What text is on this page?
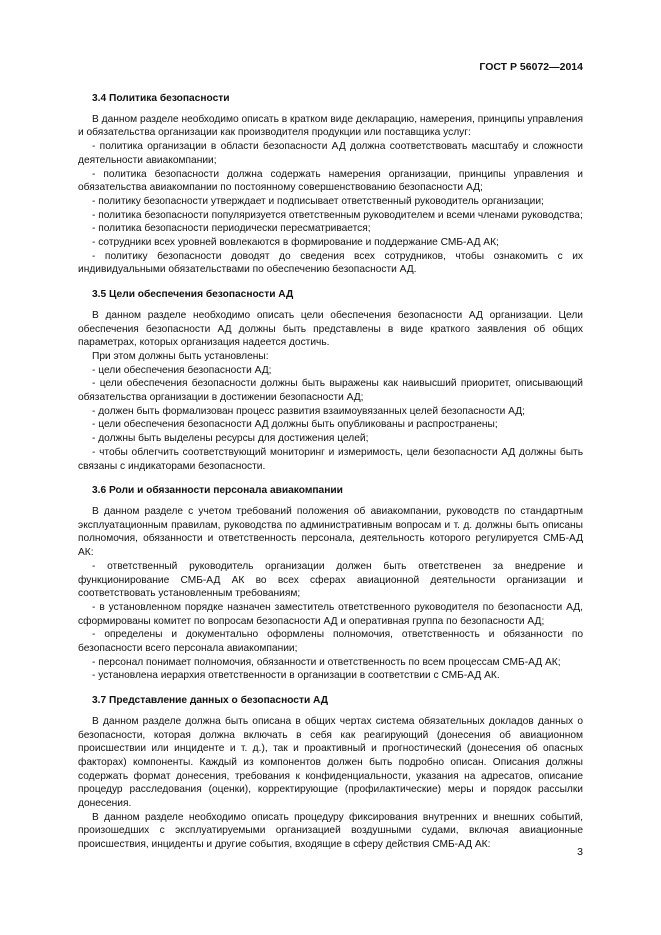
ГОСТ Р 56072—2014
3.4 Политика безопасности

В данном разделе необходимо описать в кратком виде декларацию, намерения, принципы управления и обязательства организации как производителя продукции или поставщика услуг:

- политика организации в области безопасности АД должна соответствовать масштабу и сложности деятельности авиакомпании;

- политика безопасности должна содержать намерения организации, принципы управления и обязательства авиакомпании по постоянному совершенствованию безопасности АД;

- политику безопасности утверждает и подписывает ответственный руководитель организации;

- политика безопасности популяризуется ответственным руководителем и всеми членами руководства;

- политика безопасности периодически пересматривается;

- сотрудники всех уровней вовлекаются в формирование и поддержание СМБ-АД АК;

- политику безопасности доводят до сведения всех сотрудников, чтобы ознакомить с их индивидуальными обязательствами по обеспечению безопасности АД.

3.5 Цели обеспечения безопасности АД

В данном разделе необходимо описать цели обеспечения безопасности АД организации. Цели обеспечения безопасности АД должны быть представлены в виде краткого заявления об общих параметрах, которых организация надеется достичь.

При этом должны быть установлены:

- цели обеспечения безопасности АД;

- цели обеспечения безопасности должны быть выражены как наивысший приоритет, описывающий обязательства организации в достижении безопасности АД;

- должен быть формализован процесс развития взаимоувязанных целей безопасности АД;

- цели обеспечения безопасности АД должны быть опубликованы и распространены;

- должны быть выделены ресурсы для достижения целей;

- чтобы облегчить соответствующий мониторинг и измеримость, цели безопасности АД должны быть связаны с индикаторами безопасности.

3.6 Роли и обязанности персонала авиакомпании

В данном разделе с учетом требований положения об авиакомпании, руководств по стандартным эксплуатационным правилам, руководства по административным вопросам и т. д. должны быть описаны полномочия, обязанности и ответственность персонала, деятельность которого регулируется СМБ-АД АК:

- ответственный руководитель организации должен быть ответственен за внедрение и функционирование СМБ-АД АК во всех сферах авиационной деятельности организации и соответствовать установленным требованиям;

- в установленном порядке назначен заместитель ответственного руководителя по безопасности АД, сформированы комитет по вопросам безопасности АД и оперативная группа по безопасности АД;

- определены и документально оформлены полномочия, ответственность и обязанности по безопасности всего персонала авиакомпании;

- персонал понимает полномочия, обязанности и ответственность по всем процессам СМБ-АД АК;

- установлена иерархия ответственности в организации в соответствии с СМБ-АД АК.

3.7 Представление данных о безопасности АД

В данном разделе должна быть описана в общих чертах система обязательных докладов данных о безопасности, которая должна включать в себя как реагирующий (донесения об авиационном происшествии или инциденте и т. д.), так и проактивный и прогностический (донесения об опасных факторах) компоненты. Каждый из компонентов должен быть подробно описан. Описания должны содержать формат донесения, требования к конфиденциальности, указания на адресатов, описание процедур расследования (оценки), корректирующие (профилактические) меры и порядок рассылки донесения.

В данном разделе необходимо описать процедуру фиксирования внутренних и внешних событий, произошедших с эксплуатируемыми организацией воздушными судами, включая авиационные происшествия, инциденты и другие события, входящие в сферу действия СМБ-АД АК:

3
